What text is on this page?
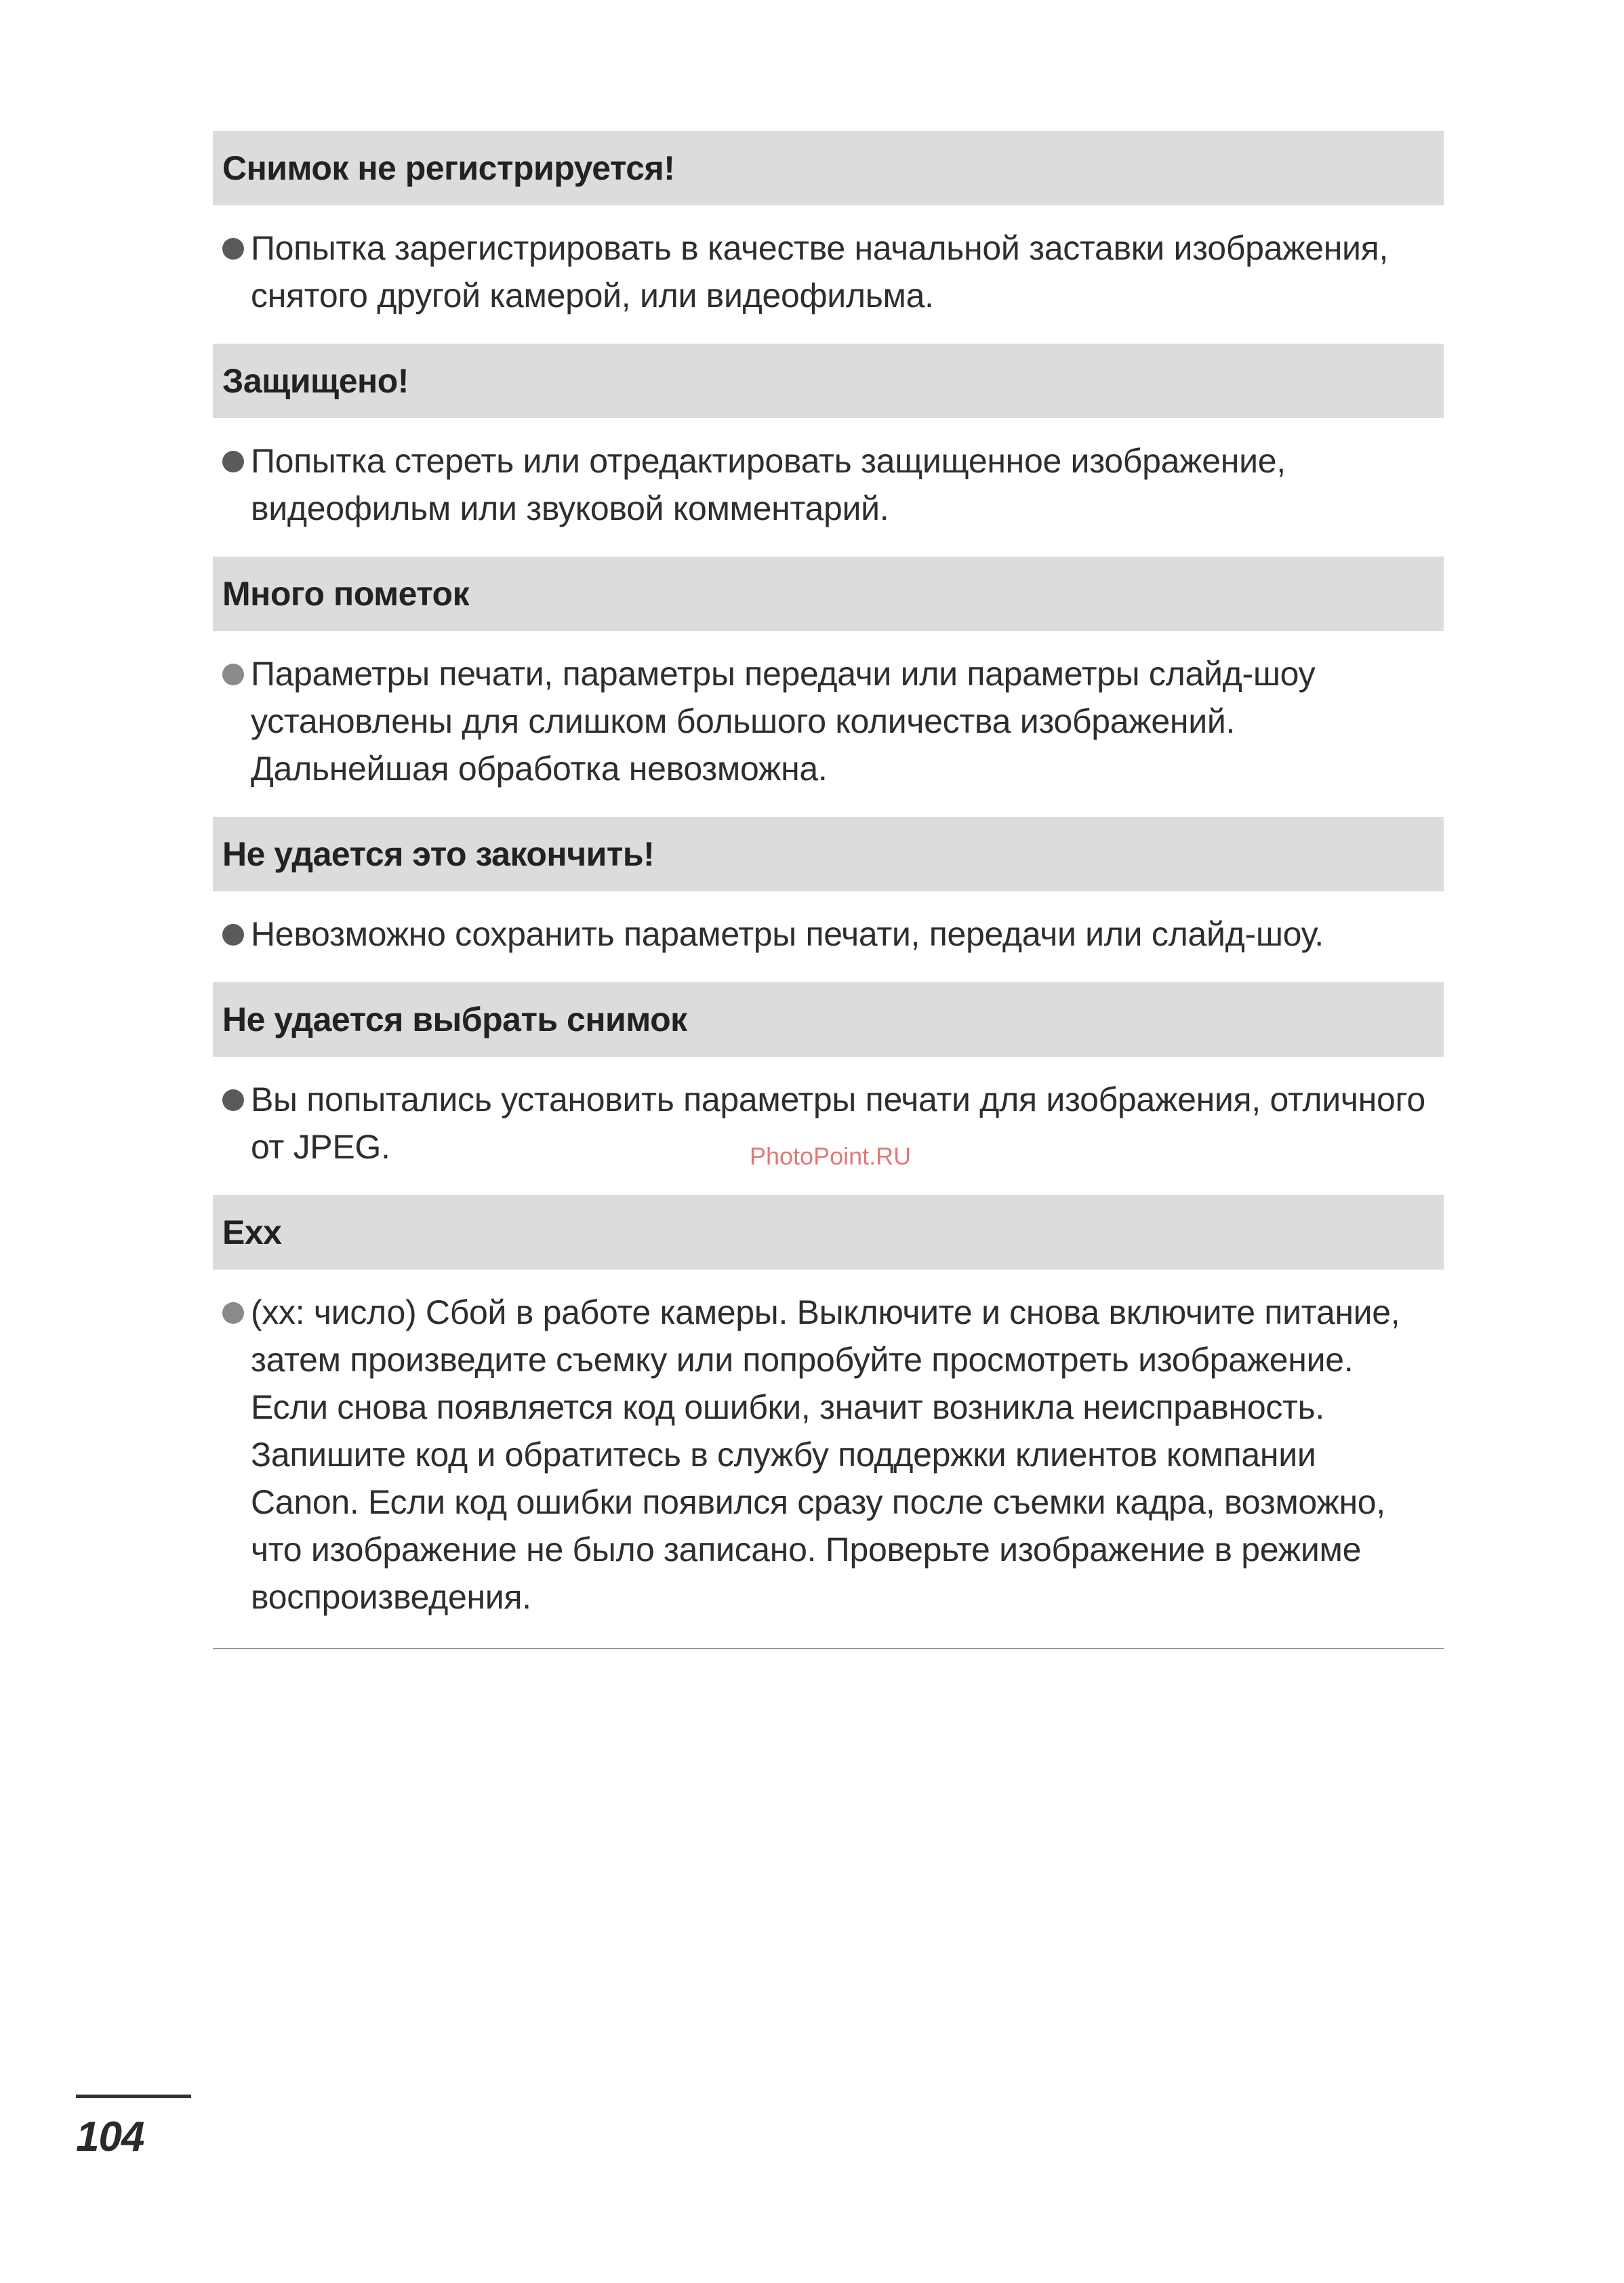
Снимок не регистрируется!
Попытка зарегистрировать в качестве начальной заставки изображения, снятого другой камерой, или видеофильма.
Защищено!
Попытка стереть или отредактировать защищенное изображение, видеофильм или звуковой комментарий.
Много пометок
Параметры печати, параметры передачи или параметры слайд-шоу установлены для слишком большого количества изображений. Дальнейшая обработка невозможна.
Не удается это закончить!
Невозможно сохранить параметры печати, передачи или слайд-шоу.
Не удается выбрать снимок
Вы попытались установить параметры печати для изображения, отличного от JPEG.
Exx
(xx: число) Сбой в работе камеры. Выключите и снова включите питание, затем произведите съемку или попробуйте просмотреть изображение. Если снова появляется код ошибки, значит возникла неисправность. Запишите код и обратитесь в службу поддержки клиентов компании Canon. Если код ошибки появился сразу после съемки кадра, возможно, что изображение не было записано. Проверьте изображение в режиме воспроизведения.
PhotoPoint.RU
104
